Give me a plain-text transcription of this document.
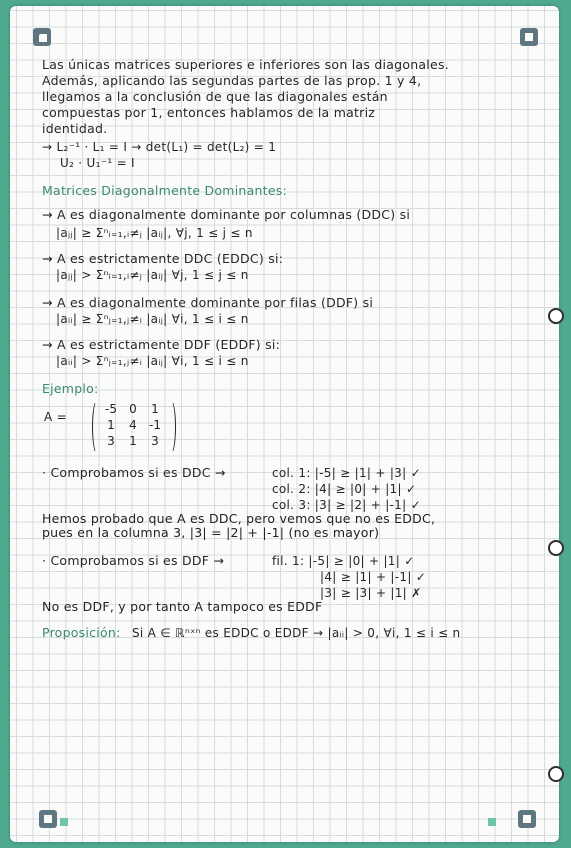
Las únicas matrices superiores e inferiores son las diagonales.

Además, aplicando las segundas partes de las prop. 1 y 4,

llegamos a la conclusión de que las diagonales están

compuestas por 1, entonces hablamos de la matriz

identidad.

→ L₂⁻¹ · L₁ = I → det(L₁) = det(L₂) = 1

U₂ · U₁⁻¹ = I

Matrices Diagonalmente Dominantes:

→ A es diagonalmente dominante por columnas (DDC) si

|aⱼⱼ| ≥ Σⁿᵢ₌₁,ᵢ≠ⱼ |aᵢⱼ|, ∀j, 1 ≤ j ≤ n

→ A es estrictamente DDC (EDDC) si:

|aⱼⱼ| > Σⁿᵢ₌₁,ᵢ≠ⱼ |aᵢⱼ| ∀j, 1 ≤ j ≤ n

→ A es diagonalmente dominante por filas (DDF) si

|aᵢᵢ| ≥ Σⁿⱼ₌₁,ⱼ≠ᵢ |aᵢⱼ| ∀i, 1 ≤ i ≤ n

→ A es estrictamente DDF (EDDF) si:

|aᵢᵢ| > Σⁿⱼ₌₁,ⱼ≠ᵢ |aᵢⱼ| ∀i, 1 ≤ i ≤ n

Ejemplo:

A =

-5	0	1
1	4	-1
3	1	3

· Comprobamos si es DDC →	col. 1: |-5| ≥ |1| + |3| ✓

col. 2: |4| ≥ |0| + |1| ✓

col. 3: |3| ≥ |2| + |-1| ✓

Hemos probado que A es DDC, pero vemos que no es EDDC,

pues en la columna 3, |3| = |2| + |-1| (no es mayor)

· Comprobamos si es DDF →	fil. 1: |-5| ≥ |0| + |1| ✓

|4| ≥ |1| + |-1| ✓

|3| ≥ |3| + |1| ✗

No es DDF, y por tanto A tampoco es EDDF

Proposición: Si A ∈ ℝⁿˣⁿ es EDDC o EDDF → |aᵢᵢ| > 0, ∀i, 1 ≤ i ≤ n
